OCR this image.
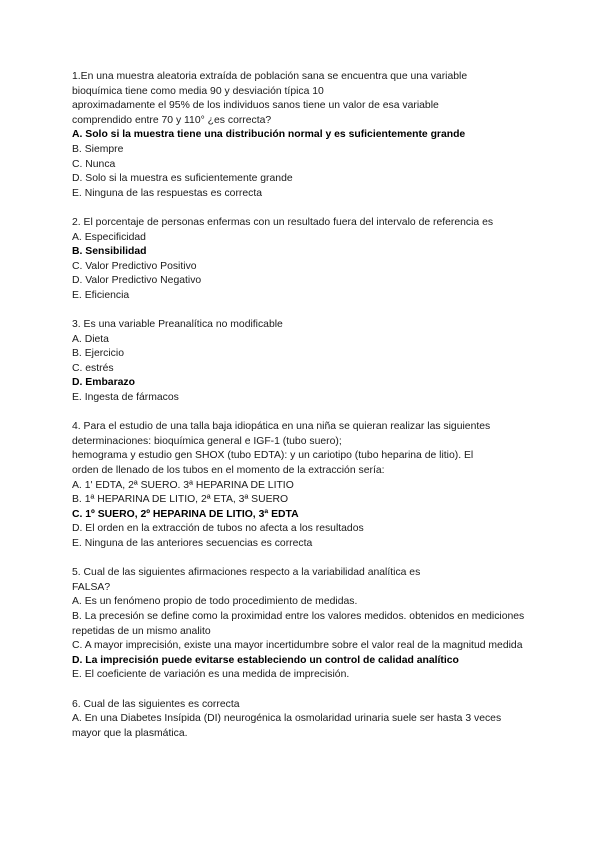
1.En una muestra aleatoria extraída de población sana se encuentra que una variable
bioquímica tiene como media 90 y desviación típica 10
aproximadamente el 95% de los individuos sanos tiene un valor de esa variable
comprendido entre 70 y 110° ¿es correcta?
A. Solo si la muestra tiene una distribución normal y es suficientemente grande
B. Siempre
C. Nunca
D. Solo si la muestra es suficientemente grande
E. Ninguna de las respuestas es correcta
2. El porcentaje de personas enfermas con un resultado fuera del intervalo de referencia es
A. Especificidad
B. Sensibilidad
C. Valor Predictivo Positivo
D. Valor Predictivo Negativo
E. Eficiencia
3. Es una variable Preanalítica no modificable
A. Dieta
B. Ejercicio
C. estrés
D. Embarazo
E. Ingesta de fármacos
4. Para el estudio de una talla baja idiopática en una niña se quieran realizar las siguientes
determinaciones: bioquímica general e IGF-1 (tubo suero);
hemograma y estudio gen SHOX (tubo EDTA): y un cariotipo (tubo heparina de litio). El
orden de llenado de los tubos en el momento de la extracción sería:
A. 1' EDTA, 2ª SUERO. 3ª HEPARINA DE LITIO
B. 1ª HEPARINA DE LITIO, 2ª ETA, 3ª SUERO
C. 1º SUERO, 2º HEPARINA DE LITIO, 3ª EDTA
D. El orden en la extracción de tubos no afecta a los resultados
E. Ninguna de las anteriores secuencias es correcta
5. Cual de las siguientes afirmaciones respecto a la variabilidad analítica es
FALSA?
A. Es un fenómeno propio de todo procedimiento de medidas.
B. La precesión se define como la proximidad entre los valores medidos. obtenidos en mediciones repetidas de un mismo analito
C. A mayor imprecisión, existe una mayor incertidumbre sobre el valor real de la magnitud medida
D. La imprecisión puede evitarse estableciendo un control de calidad analítico
E. El coeficiente de variación es una medida de imprecisión.
6. Cual de las siguientes es correcta
A. En una Diabetes Insípida (DI) neurogénica la osmolaridad urinaria suele ser hasta 3 veces mayor que la plasmática.
